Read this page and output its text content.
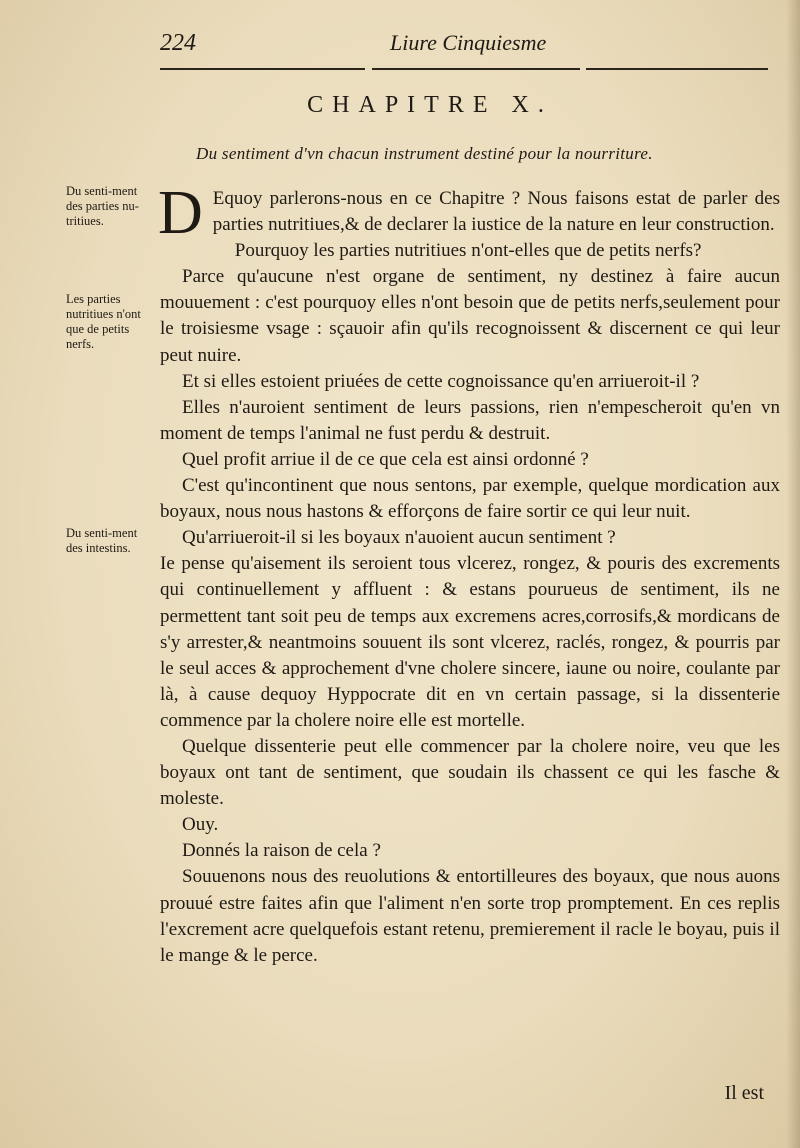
224	Liure Cinquiesme
CHAPITRE X.
Du sentiment d'vn chacun instrument destiné pour la nourriture.
Du senti-ment des parties nu-tritiues.
Les parties nutritiues n'ont que de petits nerfs.
Du senti-ment des intestins.

D Equoy parlerons-nous en ce Chapitre ? Nous faisons estat de parler des parties nutritiues,& de declarer la iustice de la nature en leur construction.

Pourquoy les parties nutritiues n'ont-elles que de petits nerfs?

Parce qu'aucune n'est organe de sentiment, ny destinez à faire aucun mouuement : c'est pourquoy elles n'ont besoin que de petits nerfs,seulement pour le troisiesme vsage : sçauoir afin qu'ils recognoissent & discernent ce qui leur peut nuire.

Et si elles estoient priuées de cette cognoissance qu'en arriueroit-il ?

Elles n'auroient sentiment de leurs passions, rien n'empescheroit qu'en vn moment de temps l'animal ne fust perdu & destruit.

Quel profit arriue il de ce que cela est ainsi ordonné ?

C'est qu'incontinent que nous sentons, par exemple, quelque mordication aux boyaux, nous nous hastons & efforçons de faire sortir ce qui leur nuit.

Qu'arriueroit-il si les boyaux n'auoient aucun sentiment ?

Ie pense qu'aisement ils seroient tous vlcerez, rongez, & pouris des excrements qui continuellement y affluent : & estans pourueus de sentiment, ils ne permettent tant soit peu de temps aux excremens acres,corrosifs,& mordicans de s'y arrester,& neantmoins souuent ils sont vlcerez, raclés, rongez, & pourris par le seul acces & approchement d'vne cholere sincere, iaune ou noire, coulante par là, à cause dequoy Hyppocrate dit en vn certain passage, si la dissenterie commence par la cholere noire elle est mortelle.

Quelque dissenterie peut elle commencer par la cholere noire, veu que les boyaux ont tant de sentiment, que soudain ils chassent ce qui les fasche & moleste.

Ouy.

Donnés la raison de cela ?

Souuenons nous des reuolutions & entortilleures des boyaux, que nous auons prouué estre faites afin que l'aliment n'en sorte trop promptement. En ces replis l'excrement acre quelquefois estant retenu, premierement il racle le boyau, puis il le mange & le perce.

Il est
